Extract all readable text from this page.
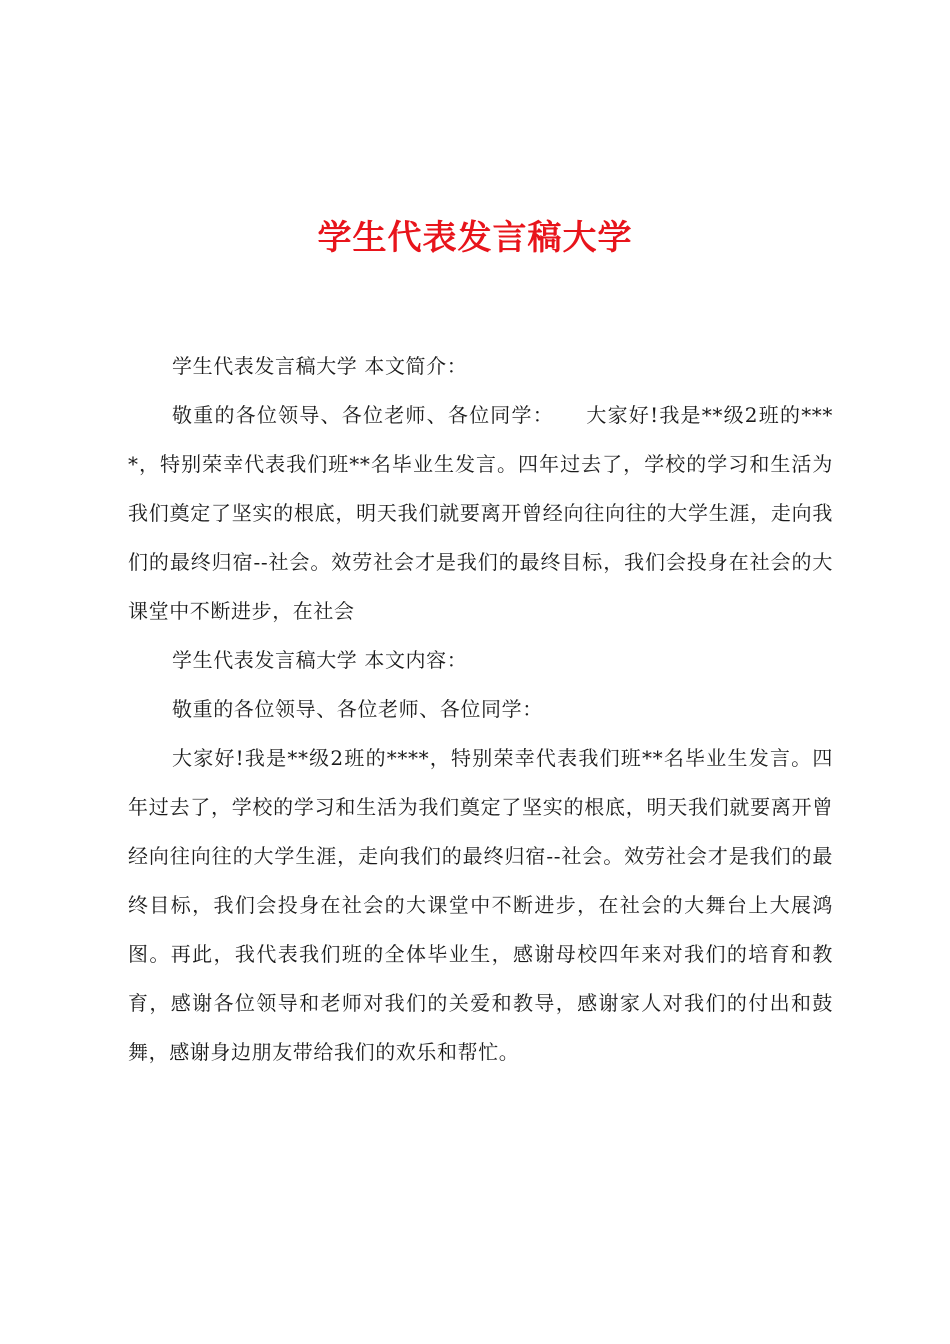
学生代表发言稿大学

学生代表发言稿大学 本文简介：

敬重的各位领导、各位老师、各位同学：　　大家好!我是**级2班的****，特别荣幸代表我们班**名毕业生发言。四年过去了，学校的学习和生活为我们奠定了坚实的根底，明天我们就要离开曾经向往向往的大学生涯，走向我们的最终归宿--社会。效劳社会才是我们的最终目标，我们会投身在社会的大课堂中不断进步，在社会

学生代表发言稿大学 本文内容：

敬重的各位领导、各位老师、各位同学：

大家好!我是**级2班的****，特别荣幸代表我们班**名毕业生发言。四年过去了，学校的学习和生活为我们奠定了坚实的根底，明天我们就要离开曾经向往向往的大学生涯，走向我们的最终归宿--社会。效劳社会才是我们的最终目标，我们会投身在社会的大课堂中不断进步，在社会的大舞台上大展鸿图。再此，我代表我们班的全体毕业生，感谢母校四年来对我们的培育和教育，感谢各位领导和老师对我们的关爱和教导，感谢家人对我们的付出和鼓舞，感谢身边朋友带给我们的欢乐和帮忙。
